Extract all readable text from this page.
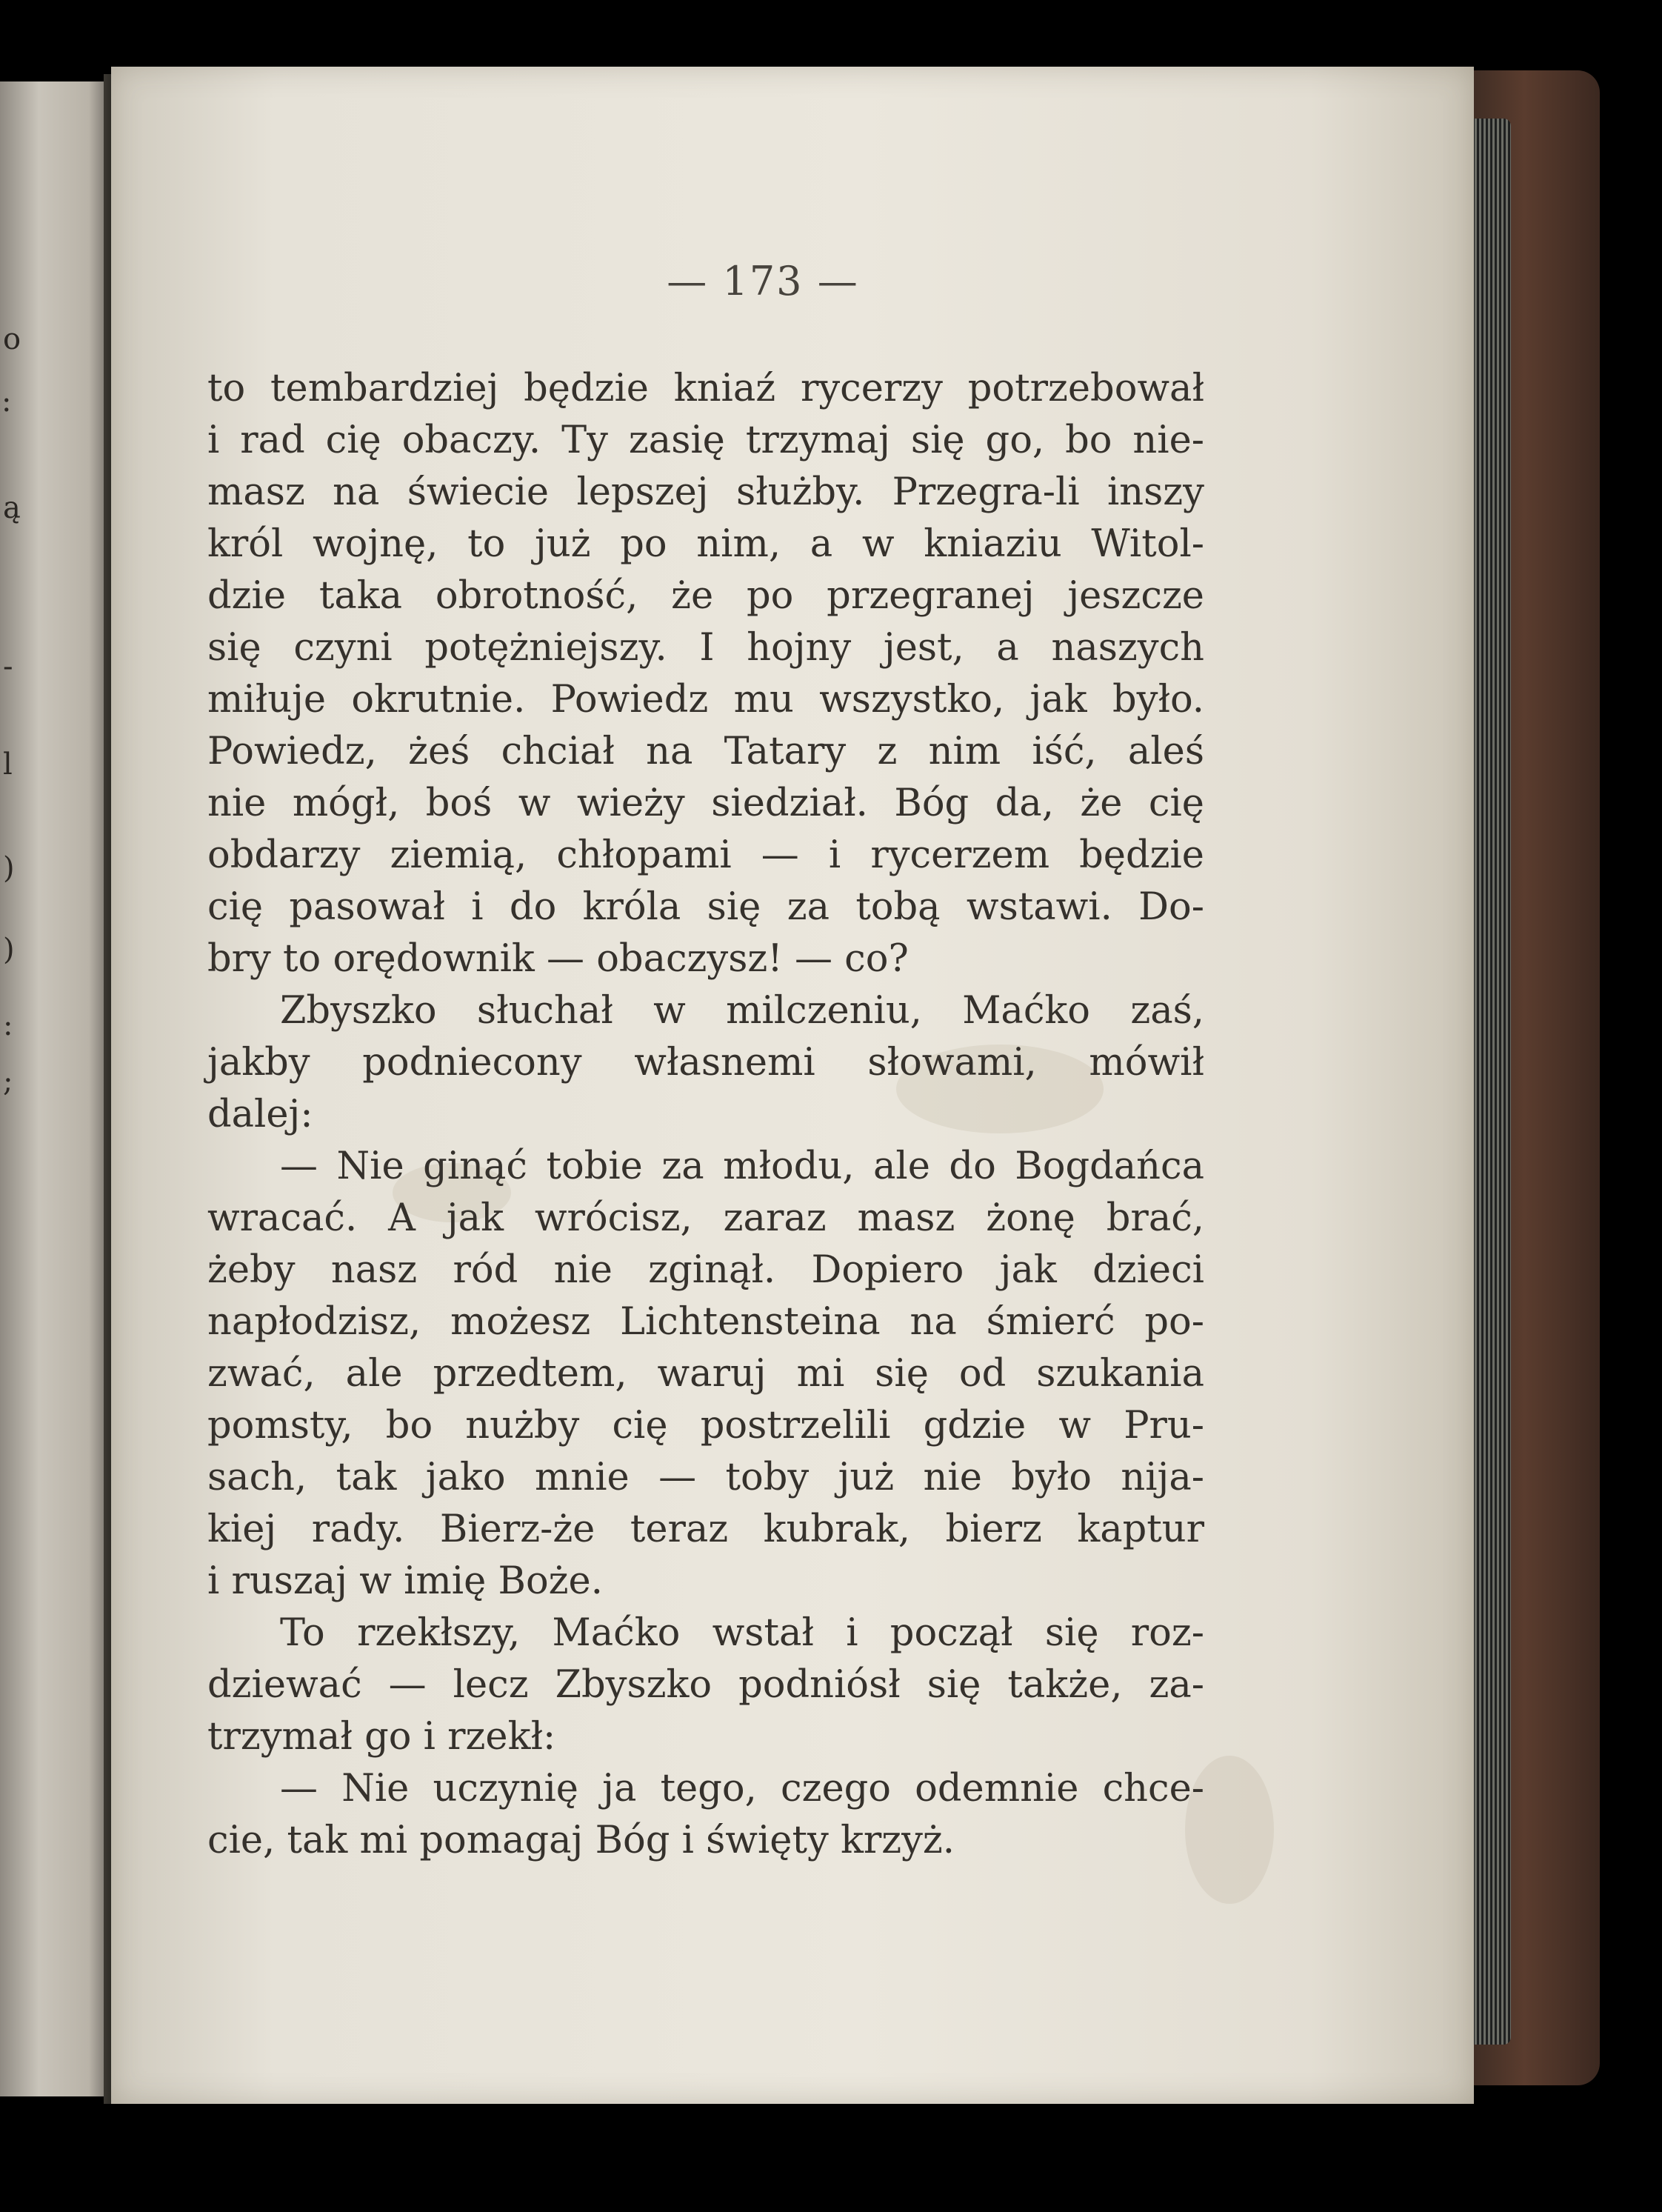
o
:
ą
-
l
)
)
:
;
— 173 —
to tembardziej będzie kniaź rycerzy potrzebował
i rad cię obaczy. Ty zasię trzymaj się go, bo nie-
masz na świecie lepszej służby. Przegra-li inszy
król wojnę, to już po nim, a w kniaziu Witol-
dzie taka obrotność, że po przegranej jeszcze
się czyni potężniejszy. I hojny jest, a naszych
miłuje okrutnie. Powiedz mu wszystko, jak było.
Powiedz, żeś chciał na Tatary z nim iść, aleś
nie mógł, boś w wieży siedział. Bóg da, że cię
obdarzy ziemią, chłopami — i rycerzem będzie
cię pasował i do króla się za tobą wstawi. Do-
bry to orędownik — obaczysz! — co?
Zbyszko słuchał w milczeniu, Maćko zaś,
jakby podniecony własnemi słowami, mówił
dalej:
— Nie ginąć tobie za młodu, ale do Bogdańca
wracać. A jak wrócisz, zaraz masz żonę brać,
żeby nasz ród nie zginął. Dopiero jak dzieci
napłodzisz, możesz Lichtensteina na śmierć po-
zwać, ale przedtem, waruj mi się od szukania
pomsty, bo nużby cię postrzelili gdzie w Pru-
sach, tak jako mnie — toby już nie było nija-
kiej rady. Bierz-że teraz kubrak, bierz kaptur
i ruszaj w imię Boże.
To rzekłszy, Maćko wstał i począł się roz-
dziewać — lecz Zbyszko podniósł się także, za-
trzymał go i rzekł:
— Nie uczynię ja tego, czego odemnie chce-
cie, tak mi pomagaj Bóg i święty krzyż.
